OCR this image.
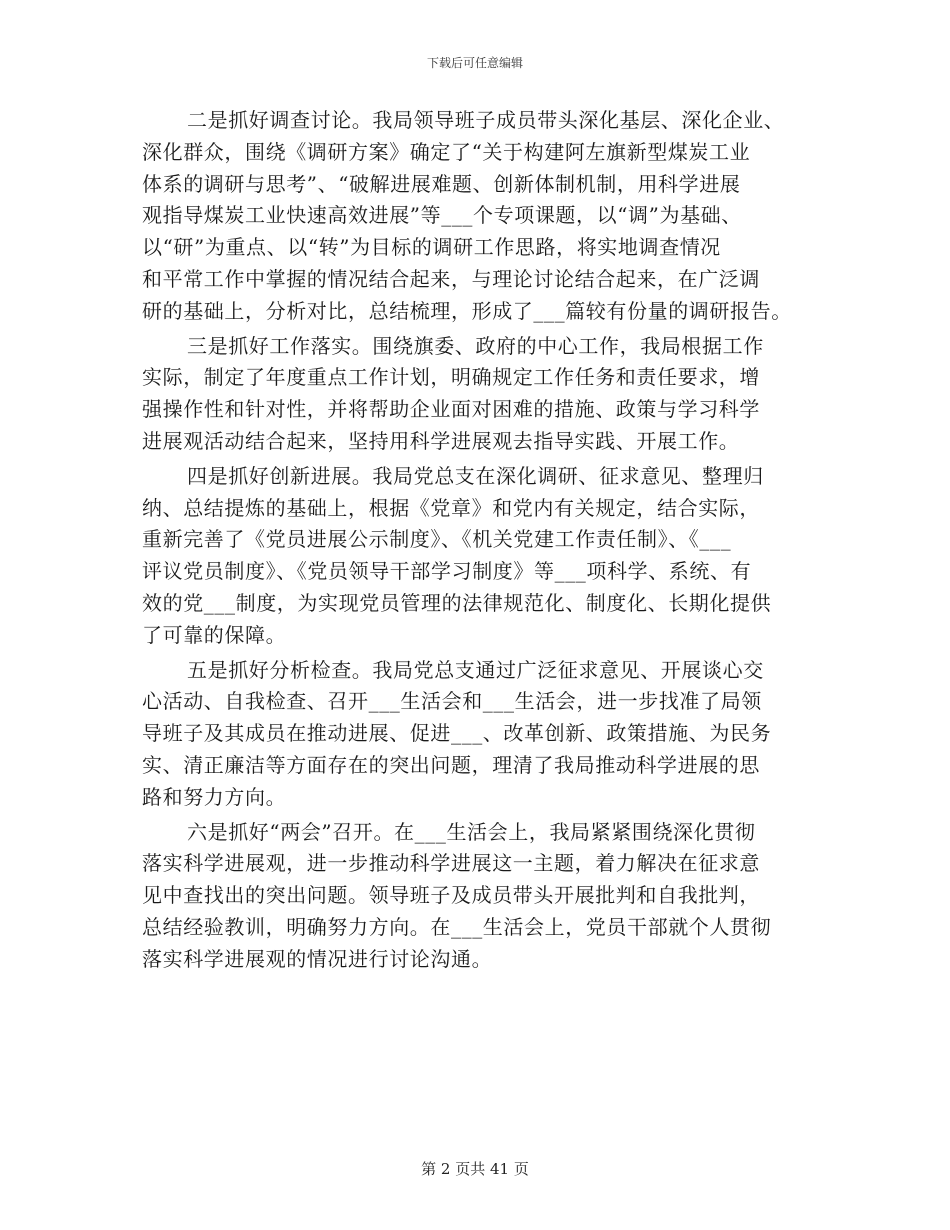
下载后可任意编辑
二是抓好调查讨论。我局领导班子成员带头深化基层、深化企业、
深化群众，围绕《调研方案》确定了“关于构建阿左旗新型煤炭工业
体系的调研与思考”、“破解进展难题、创新体制机制，用科学进展
观指导煤炭工业快速高效进展”等___个专项课题，以“调”为基础、
以“研”为重点、以“转”为目标的调研工作思路，将实地调查情况
和平常工作中掌握的情况结合起来，与理论讨论结合起来，在广泛调
研的基础上，分析对比，总结梳理，形成了___篇较有份量的调研报告。
三是抓好工作落实。围绕旗委、政府的中心工作，我局根据工作
实际，制定了年度重点工作计划，明确规定工作任务和责任要求，增
强操作性和针对性，并将帮助企业面对困难的措施、政策与学习科学
进展观活动结合起来，坚持用科学进展观去指导实践、开展工作。
四是抓好创新进展。我局党总支在深化调研、征求意见、整理归
纳、总结提炼的基础上，根据《党章》和党内有关规定，结合实际，
重新完善了《党员进展公示制度》、《机关党建工作责任制》、《___
评议党员制度》、《党员领导干部学习制度》等___项科学、系统、有
效的党___制度，为实现党员管理的法律规范化、制度化、长期化提供
了可靠的保障。
五是抓好分析检查。我局党总支通过广泛征求意见、开展谈心交
心活动、自我检查、召开___生活会和___生活会，进一步找准了局领
导班子及其成员在推动进展、促进___、改革创新、政策措施、为民务
实、清正廉洁等方面存在的突出问题，理清了我局推动科学进展的思
路和努力方向。
六是抓好“两会”召开。在___生活会上，我局紧紧围绕深化贯彻
落实科学进展观，进一步推动科学进展这一主题，着力解决在征求意
见中查找出的突出问题。领导班子及成员带头开展批判和自我批判，
总结经验教训，明确努力方向。在___生活会上，党员干部就个人贯彻
落实科学进展观的情况进行讨论沟通。
第 2 页共 41 页
